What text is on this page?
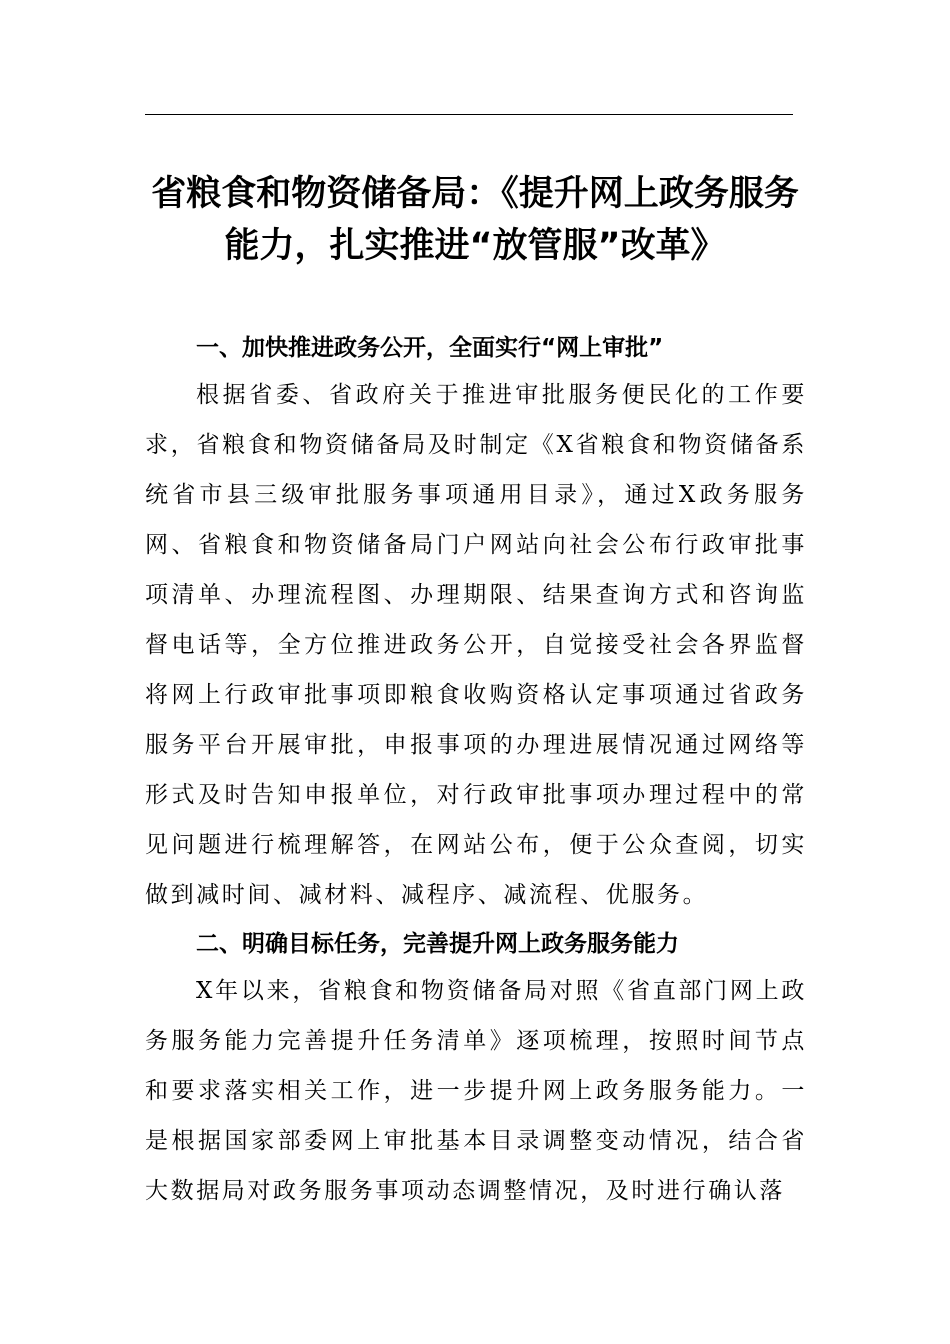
省粮食和物资储备局：《提升网上政务服务能力，扎实推进“放管服”改革》
一、加快推进政务公开，全面实行“网上审批”

根据省委、省政府关于推进审批服务便民化的工作要求，省粮食和物资储备局及时制定《X省粮食和物资储备系统省市县三级审批服务事项通用目录》，通过X政务服务网、省粮食和物资储备局门户网站向社会公布行政审批事项清单、办理流程图、办理期限、结果查询方式和咨询监督电话等，全方位推进政务公开，自觉接受社会各界监督将网上行政审批事项即粮食收购资格认定事项通过省政务服务平台开展审批，申报事项的办理进展情况通过网络等形式及时告知申报单位，对行政审批事项办理过程中的常见问题进行梳理解答，在网站公布，便于公众查阅，切实做到减时间、减材料、减程序、减流程、优服务。

二、明确目标任务，完善提升网上政务服务能力

X年以来，省粮食和物资储备局对照《省直部门网上政务服务能力完善提升任务清单》逐项梳理，按照时间节点和要求落实相关工作，进一步提升网上政务服务能力。一是根据国家部委网上审批基本目录调整变动情况，结合省大数据局对政务服务事项动态调整情况，及时进行确认落
